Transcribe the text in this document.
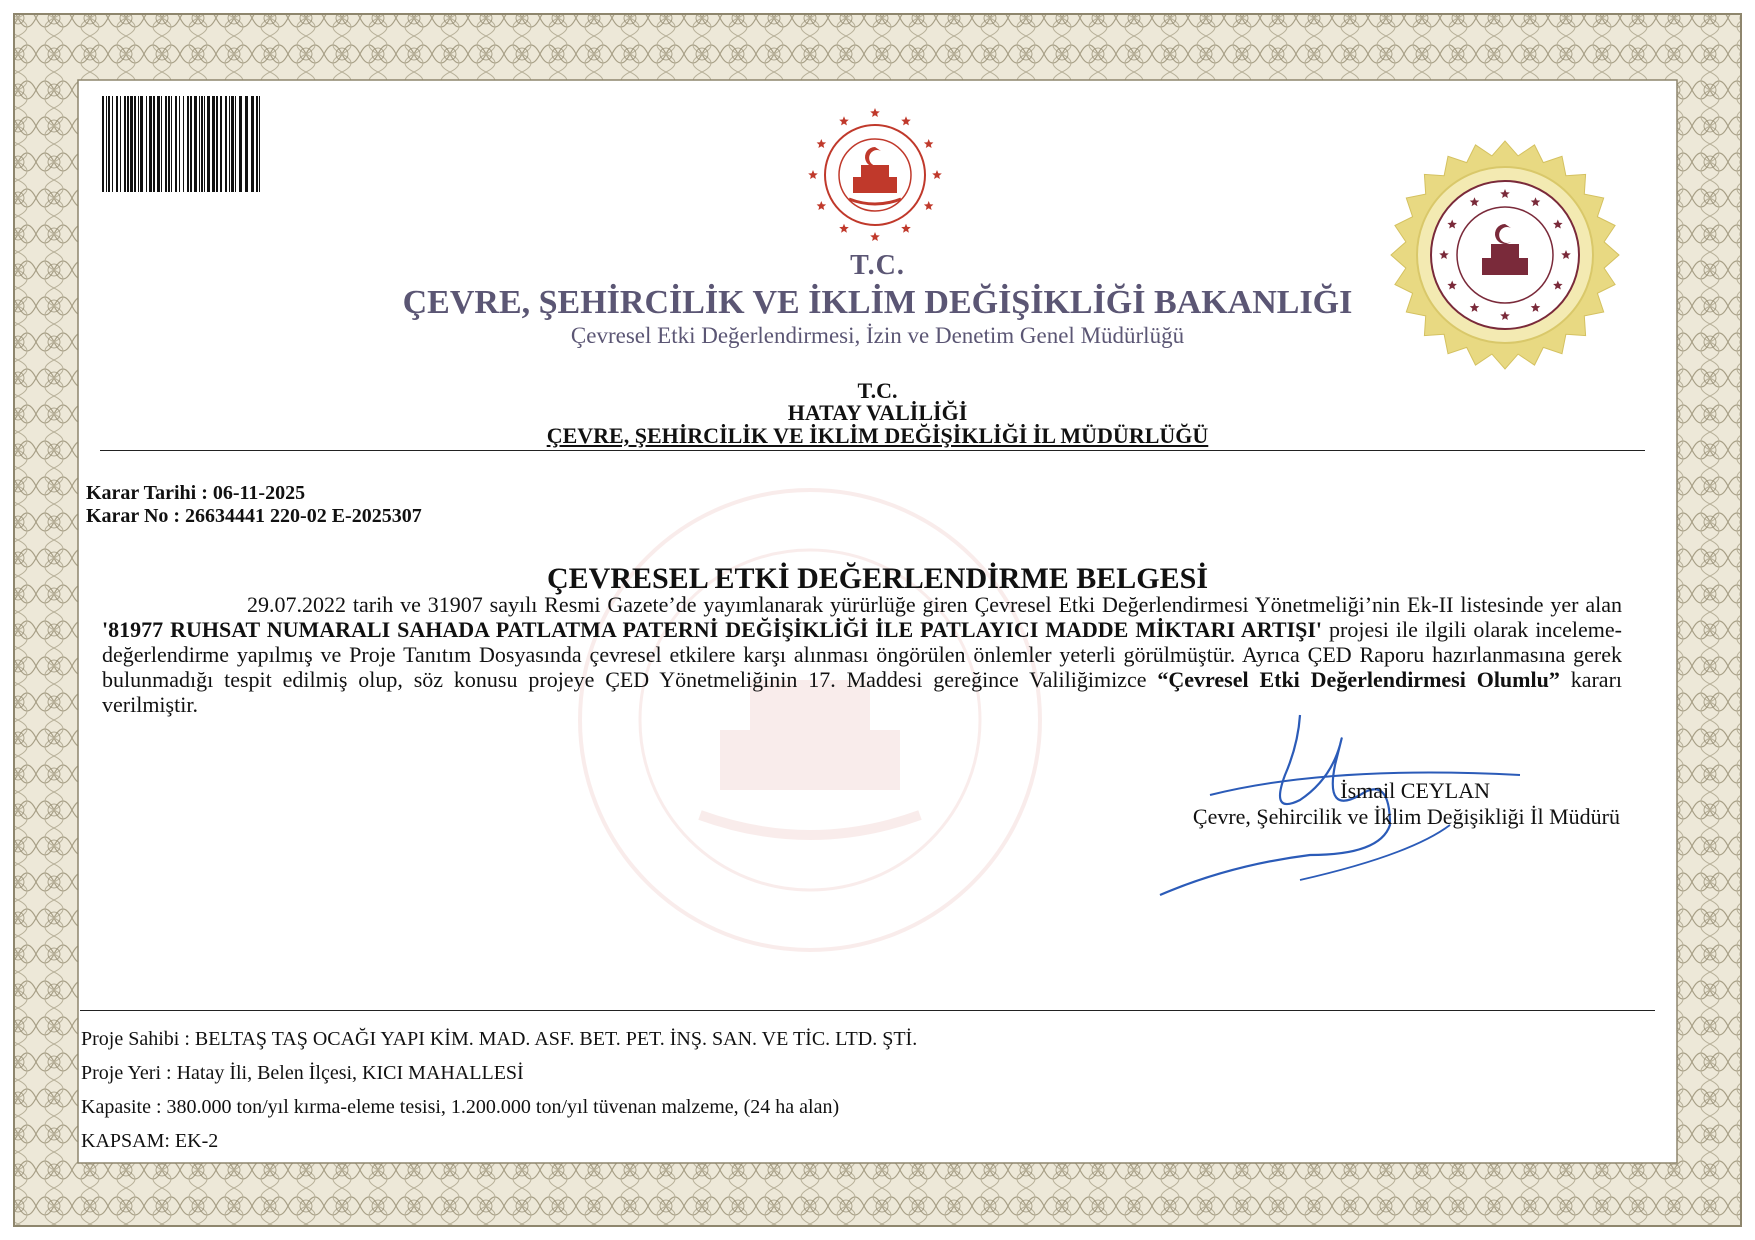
T.C.
ÇEVRE, ŞEHİRCİLİK VE İKLİM DEĞİŞİKLİĞİ BAKANLIĞI
Çevresel Etki Değerlendirmesi, İzin ve Denetim Genel Müdürlüğü
T.C.
HATAY VALİLİĞİ
ÇEVRE, ŞEHİRCİLİK VE İKLİM DEĞİŞİKLİĞİ İL MÜDÜRLÜĞÜ
Karar Tarihi : 06-11-2025
Karar No : 26634441 220-02 E-2025307
ÇEVRESEL ETKİ DEĞERLENDİRME BELGESİ

29.07.2022 tarih ve 31907 sayılı Resmi Gazete’de yayımlanarak yürürlüğe giren Çevresel Etki Değerlendirmesi Yönetmeliği’nin Ek-II listesinde yer alan '81977 RUHSAT NUMARALI SAHADA PATLATMA PATERNİ DEĞİŞİKLİĞİ İLE PATLAYICI MADDE MİKTARI ARTIŞI' projesi ile ilgili olarak inceleme-değerlendirme yapılmış ve Proje Tanıtım Dosyasında çevresel etkilere karşı alınması öngörülen önlemler yeterli görülmüştür. Ayrıca ÇED Raporu hazırlanmasına gerek bulunmadığı tespit edilmiş olup, söz konusu projeye ÇED Yönetmeliğinin 17. Maddesi gereğince Valiliğimizce “Çevresel Etki Değerlendirmesi Olumlu” kararı verilmiştir.

İsmail CEYLAN
Çevre, Şehircilik ve İklim Değişikliği İl Müdürü
Proje Sahibi : BELTAŞ TAŞ OCAĞI YAPI KİM. MAD. ASF. BET. PET. İNŞ. SAN. VE TİC. LTD. ŞTİ.
Proje Yeri : Hatay İli, Belen İlçesi, KICI MAHALLESİ
Kapasite : 380.000 ton/yıl kırma-eleme tesisi, 1.200.000 ton/yıl tüvenan malzeme, (24 ha alan)
KAPSAM: EK-2
